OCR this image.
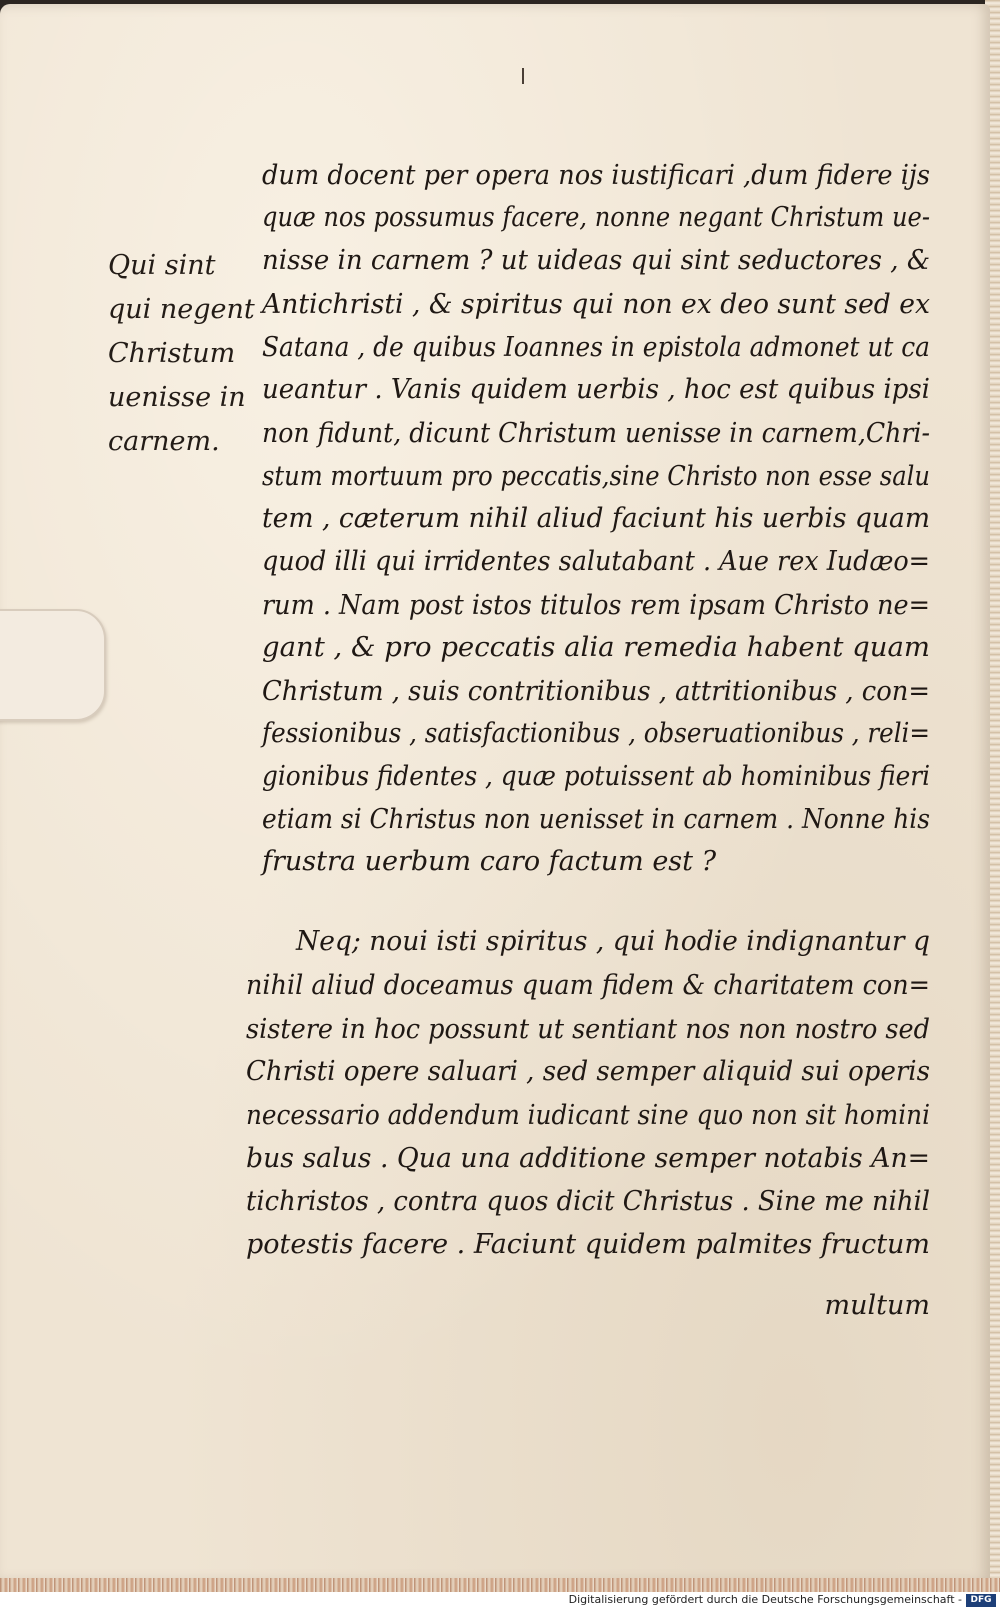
Qui sint
qui negent
Christum
uenisse in
carnem.
dum docent per opera nos iustificari ,dum fidere ijs
quæ nos possumus facere, nonne negant Christum ue-
nisse in carnem ? ut uideas qui sint seductores , &
Antichristi , & spiritus qui non ex deo sunt sed ex
Satana , de quibus Ioannes in epistola admonet ut ca
ueantur . Vanis quidem uerbis , hoc est quibus ipsi
non fidunt, dicunt Christum uenisse in carnem,Chri-
stum mortuum pro peccatis,sine Christo non esse salu
tem , cæterum nihil aliud faciunt his uerbis quam
quod illi qui irridentes salutabant . Aue rex Iudæo=
rum . Nam post istos titulos rem ipsam Christo ne=
gant , & pro peccatis alia remedia habent quam
Christum , suis contritionibus , attritionibus , con=
fessionibus , satisfactionibus , obseruationibus , reli=
gionibus fidentes , quæ potuissent ab hominibus fieri
etiam si Christus non uenisset in carnem . Nonne his
frustra uerbum caro factum est ?
Neq; noui isti spiritus , qui hodie indignantur q
nihil aliud doceamus quam fidem & charitatem con=
sistere in hoc possunt ut sentiant nos non nostro sed
Christi opere saluari , sed semper aliquid sui operis
necessario addendum iudicant sine quo non sit homini
bus salus . Qua una additione semper notabis An=
tichristos , contra quos dicit Christus . Sine me nihil
potestis facere . Faciunt quidem palmites fructum
multum
Digitalisierung gefördert durch die Deutsche Forschungsgemeinschaft - DFG
